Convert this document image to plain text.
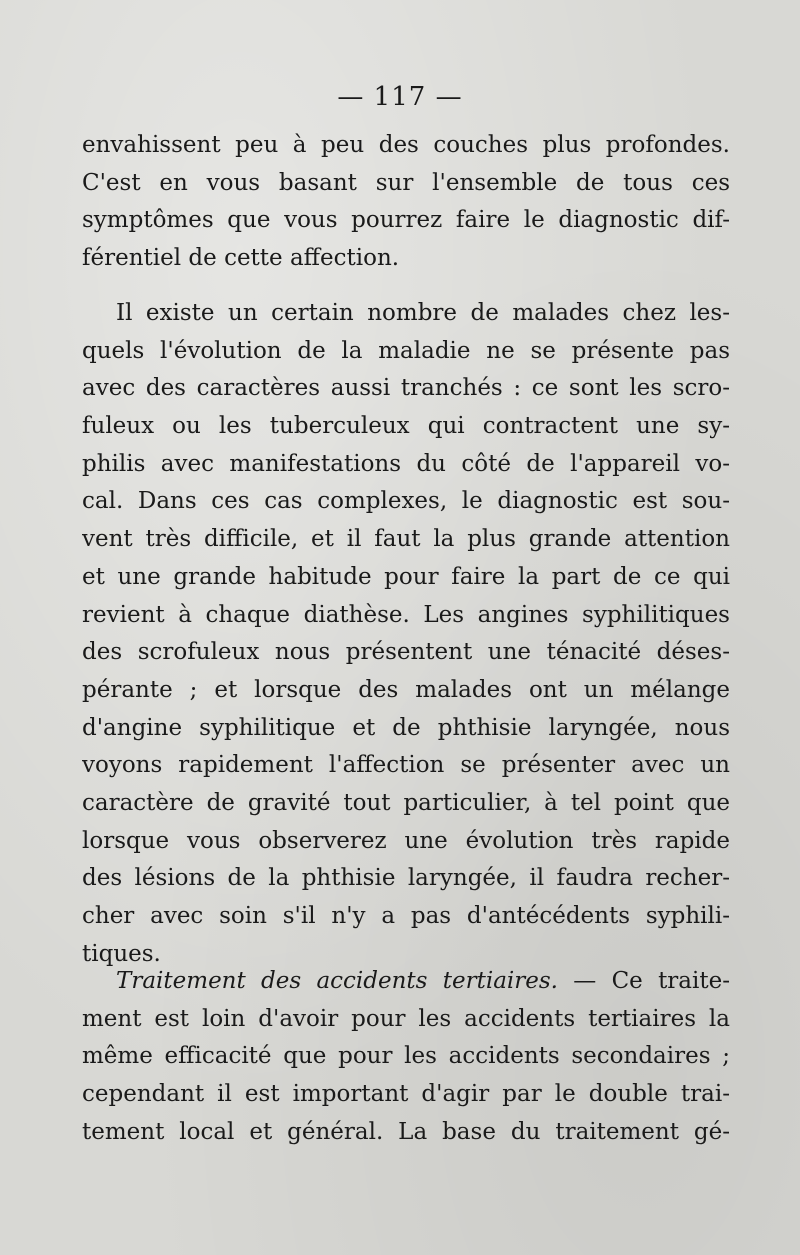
— 117 —
envahissent peu à peu des couches plus profondes.
C'est en vous basant sur l'ensemble de tous ces
symptômes que vous pourrez faire le diagnostic dif-
férentiel de cette affection.
Il existe un certain nombre de malades chez les-
quels l'évolution de la maladie ne se présente pas
avec des caractères aussi tranchés : ce sont les scro-
fuleux ou les tuberculeux qui contractent une sy-
philis avec manifestations du côté de l'appareil vo-
cal. Dans ces cas complexes, le diagnostic est sou-
vent très difficile, et il faut la plus grande attention
et une grande habitude pour faire la part de ce qui
revient à chaque diathèse. Les angines syphilitiques
des scrofuleux nous présentent une ténacité déses-
pérante ; et lorsque des malades ont un mélange
d'angine syphilitique et de phthisie laryngée, nous
voyons rapidement l'affection se présenter avec un
caractère de gravité tout particulier, à tel point que
lorsque vous observerez une évolution très rapide
des lésions de la phthisie laryngée, il faudra recher-
cher avec soin s'il n'y a pas d'antécédents syphili-
tiques.
Traitement des accidents tertiaires. — Ce traite-
ment est loin d'avoir pour les accidents tertiaires la
même efficacité que pour les accidents secondaires ;
cependant il est important d'agir par le double trai-
tement local et général. La base du traitement gé-
